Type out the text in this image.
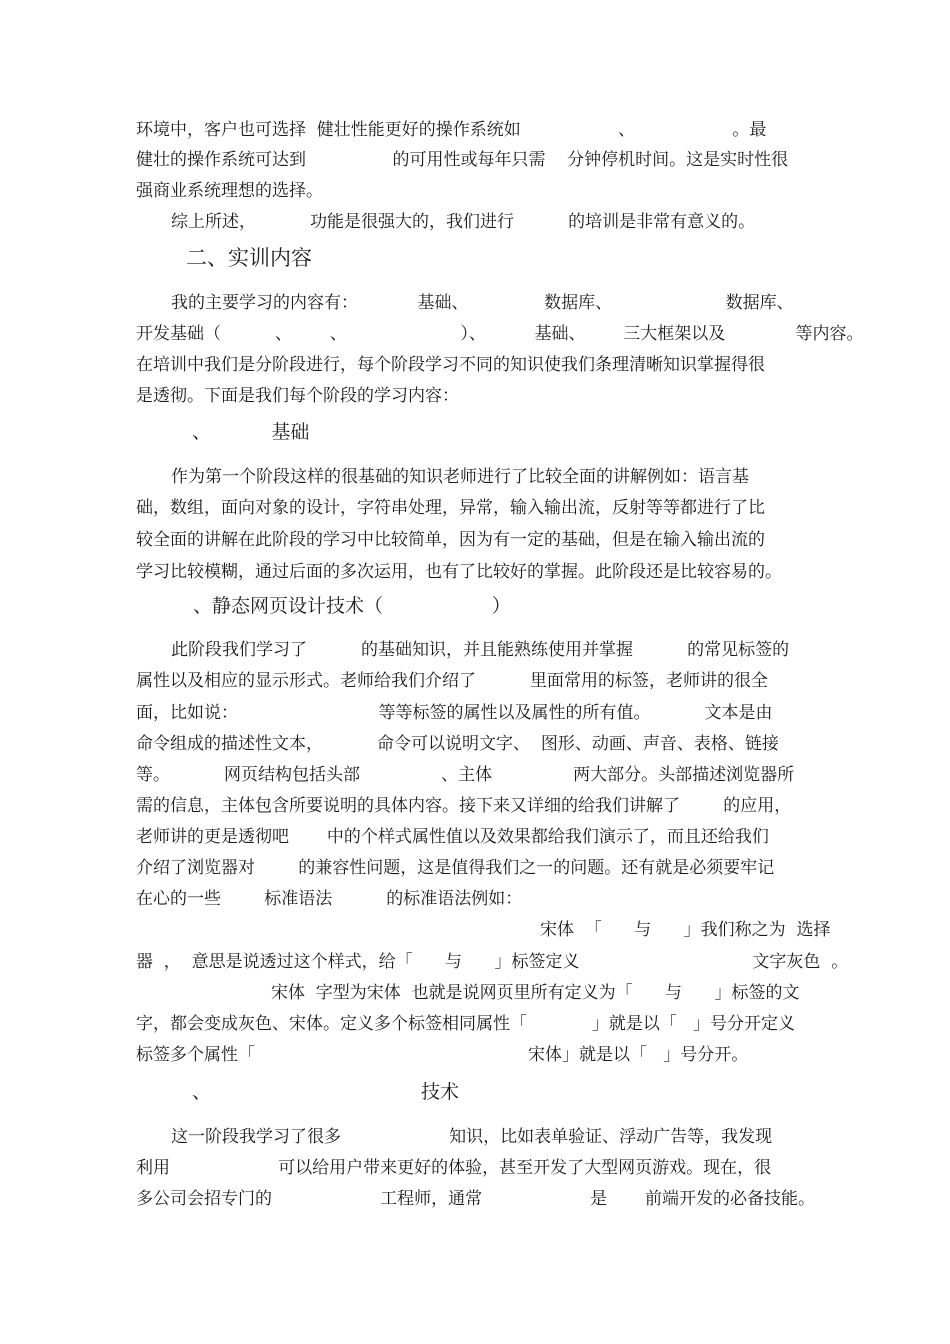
环境中，客户也可选择  健壮性能更好的操作系统如                  、                  。最

健壮的操作系统可达到                的可用性或每年只需    分钟停机时间。这是实时性很

强商业系统理想的选择。

综上所述，          功能是很强大的，我们进行          的培训是非常有意义的。

二、实训内容

我的主要学习的内容有：           基础、              数据库、                     数据库、

开发基础（          、       、                     ）、         基础、       三大框架以及             等内容。

在培训中我们是分阶段进行，每个阶段学习不同的知识使我们条理清晰知识掌握得很

是透彻。下面是我们每个阶段的学习内容：

、          基础

作为第一个阶段这样的很基础的知识老师进行了比较全面的讲解例如：语言基

础，数组，面向对象的设计，字符串处理，异常，输入输出流，反射等等都进行了比

较全面的讲解在此阶段的学习中比较简单，因为有一定的基础，但是在输入输出流的

学习比较模糊，通过后面的多次运用，也有了比较好的掌握。此阶段还是比较容易的。

、静态网页设计技术（                  ）

此阶段我们学习了          的基础知识，并且能熟练使用并掌握          的常见标签的

属性以及相应的显示形式。老师给我们介绍了          里面常用的标签，老师讲的很全

面，比如说：                          等等标签的属性以及属性的所有值。          文本是由

命令组成的描述性文本，          命令可以说明文字、  图形、动画、声音、表格、链接

等。          网页结构包括头部               、主体               两大部分。头部描述浏览器所

需的信息，主体包含所要说明的具体内容。接下来又详细的给我们讲解了        的应用，

老师讲的更是透彻吧       中的个样式属性值以及效果都给我们演示了，而且还给我们

介绍了浏览器对        的兼容性问题，这是值得我们之一的问题。还有就是必须要牢记

在心的一些        标准语法          的标准语法例如：

宋体  「      与      」我们称之为  选择

器  ，  意思是说透过这个样式，给「      与      」标签定义                                文字灰色  。

宋体  字型为宋体  也就是说网页里所有定义为「      与      」标签的文

字，都会变成灰色、宋体。定义多个标签相同属性「            」就是以「   」号分开定义

标签多个属性「	宋体」就是以「   」号分开。

、	技术

这一阶段我学习了很多                    知识，比如表单验证、浮动广告等，我发现

利用                    可以给用户带来更好的体验，甚至开发了大型网页游戏。现在，很

多公司会招专门的                    工程师，通常                    是       前端开发的必备技能。
